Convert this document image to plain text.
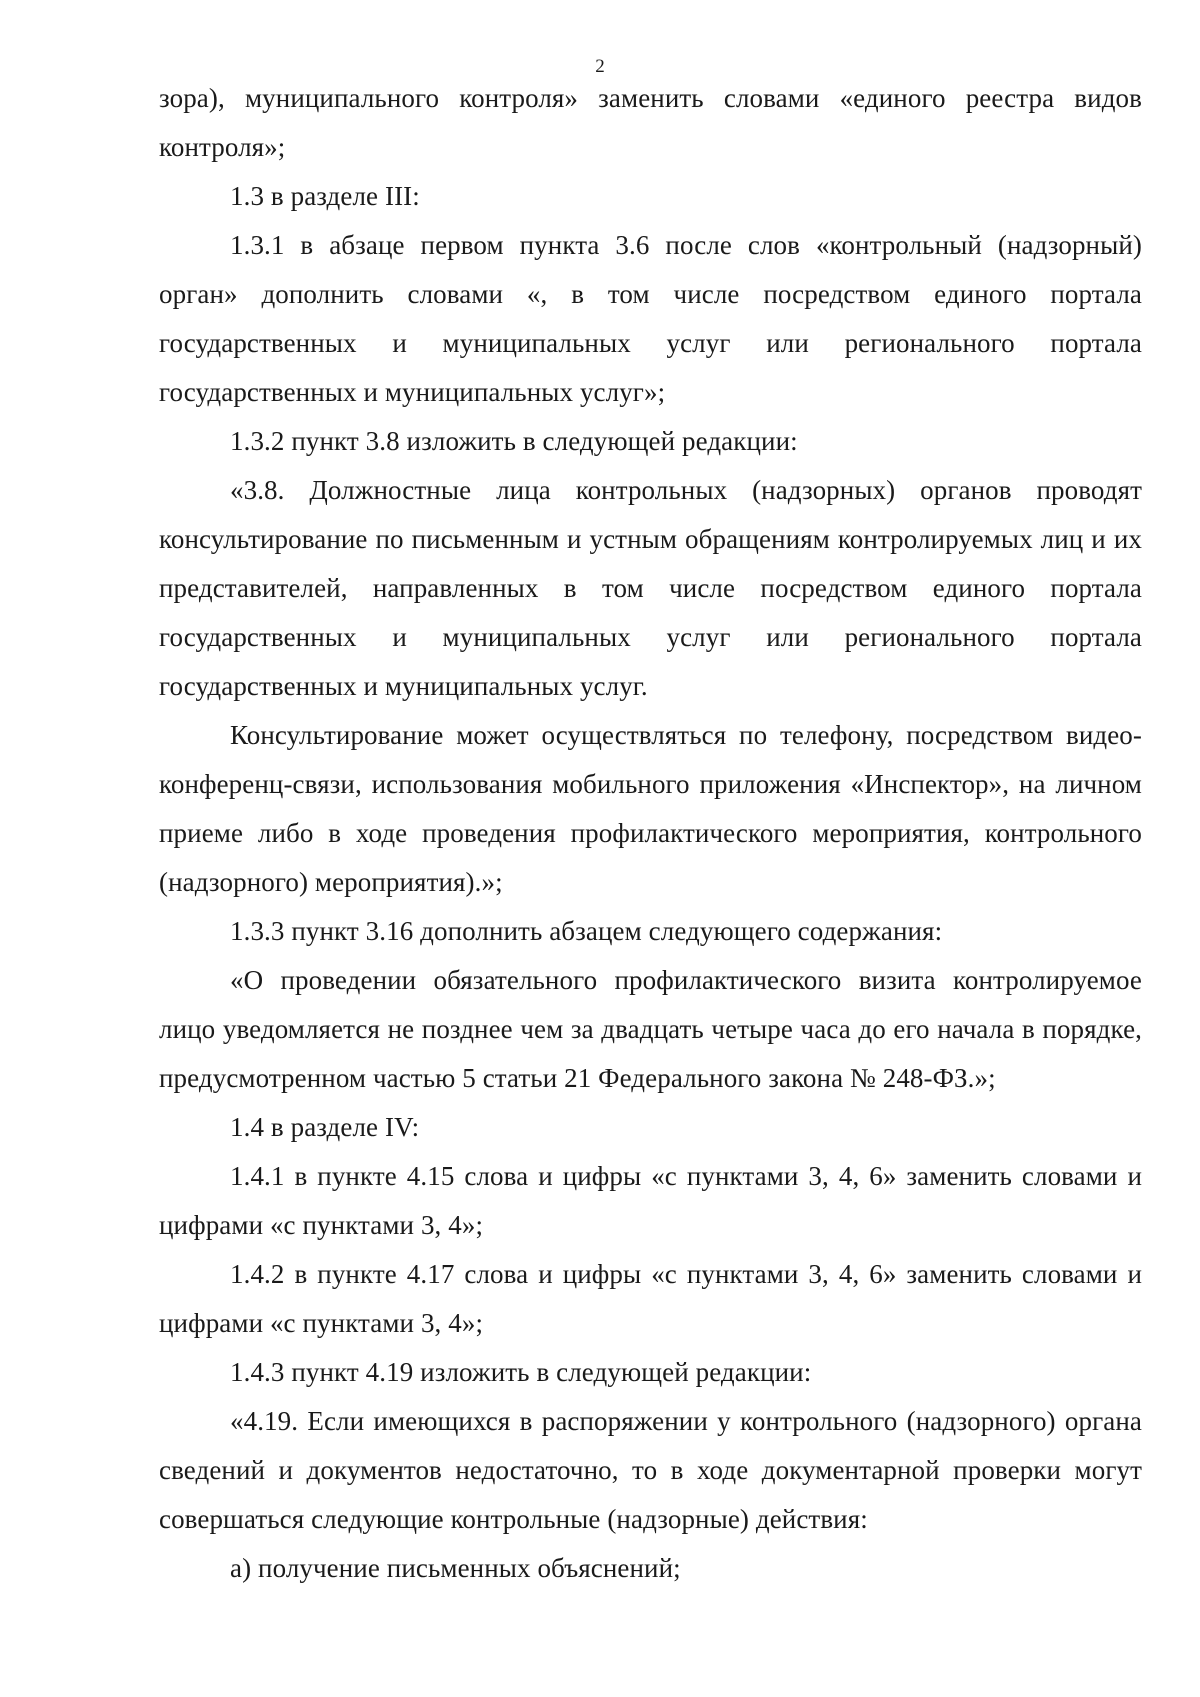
2

зора), муниципального контроля» заменить словами «единого реестра видов контроля»;

1.3 в разделе III:

1.3.1 в абзаце первом пункта 3.6 после слов «контрольный (надзорный) орган» дополнить словами «, в том числе посредством единого портала государственных и муниципальных услуг или регионального портала государственных и муниципальных услуг»;

1.3.2 пункт 3.8 изложить в следующей редакции:

«3.8. Должностные лица контрольных (надзорных) органов проводят консультирование по письменным и устным обращениям контролируемых лиц и их представителей, направленных в том числе посредством единого портала государственных и муниципальных услуг или регионального портала государственных и муниципальных услуг.

Консультирование может осуществляться по телефону, посредством видео-конференц-связи, использования мобильного приложения «Инспектор», на личном приеме либо в ходе проведения профилактического мероприятия, контрольного (надзорного) мероприятия).»;

1.3.3 пункт 3.16 дополнить абзацем следующего содержания:

«О проведении обязательного профилактического визита контролируемое лицо уведомляется не позднее чем за двадцать четыре часа до его начала в порядке, предусмотренном частью 5 статьи 21 Федерального закона № 248-ФЗ.»;

1.4 в разделе IV:

1.4.1 в пункте 4.15 слова и цифры «с пунктами 3, 4, 6» заменить словами и цифрами «с пунктами 3, 4»;

1.4.2 в пункте 4.17 слова и цифры «с пунктами 3, 4, 6» заменить словами и цифрами «с пунктами 3, 4»;

1.4.3 пункт 4.19 изложить в следующей редакции:

«4.19. Если имеющихся в распоряжении у контрольного (надзорного) органа сведений и документов недостаточно, то в ходе документарной проверки могут совершаться следующие контрольные (надзорные) действия:

а) получение письменных объяснений;
